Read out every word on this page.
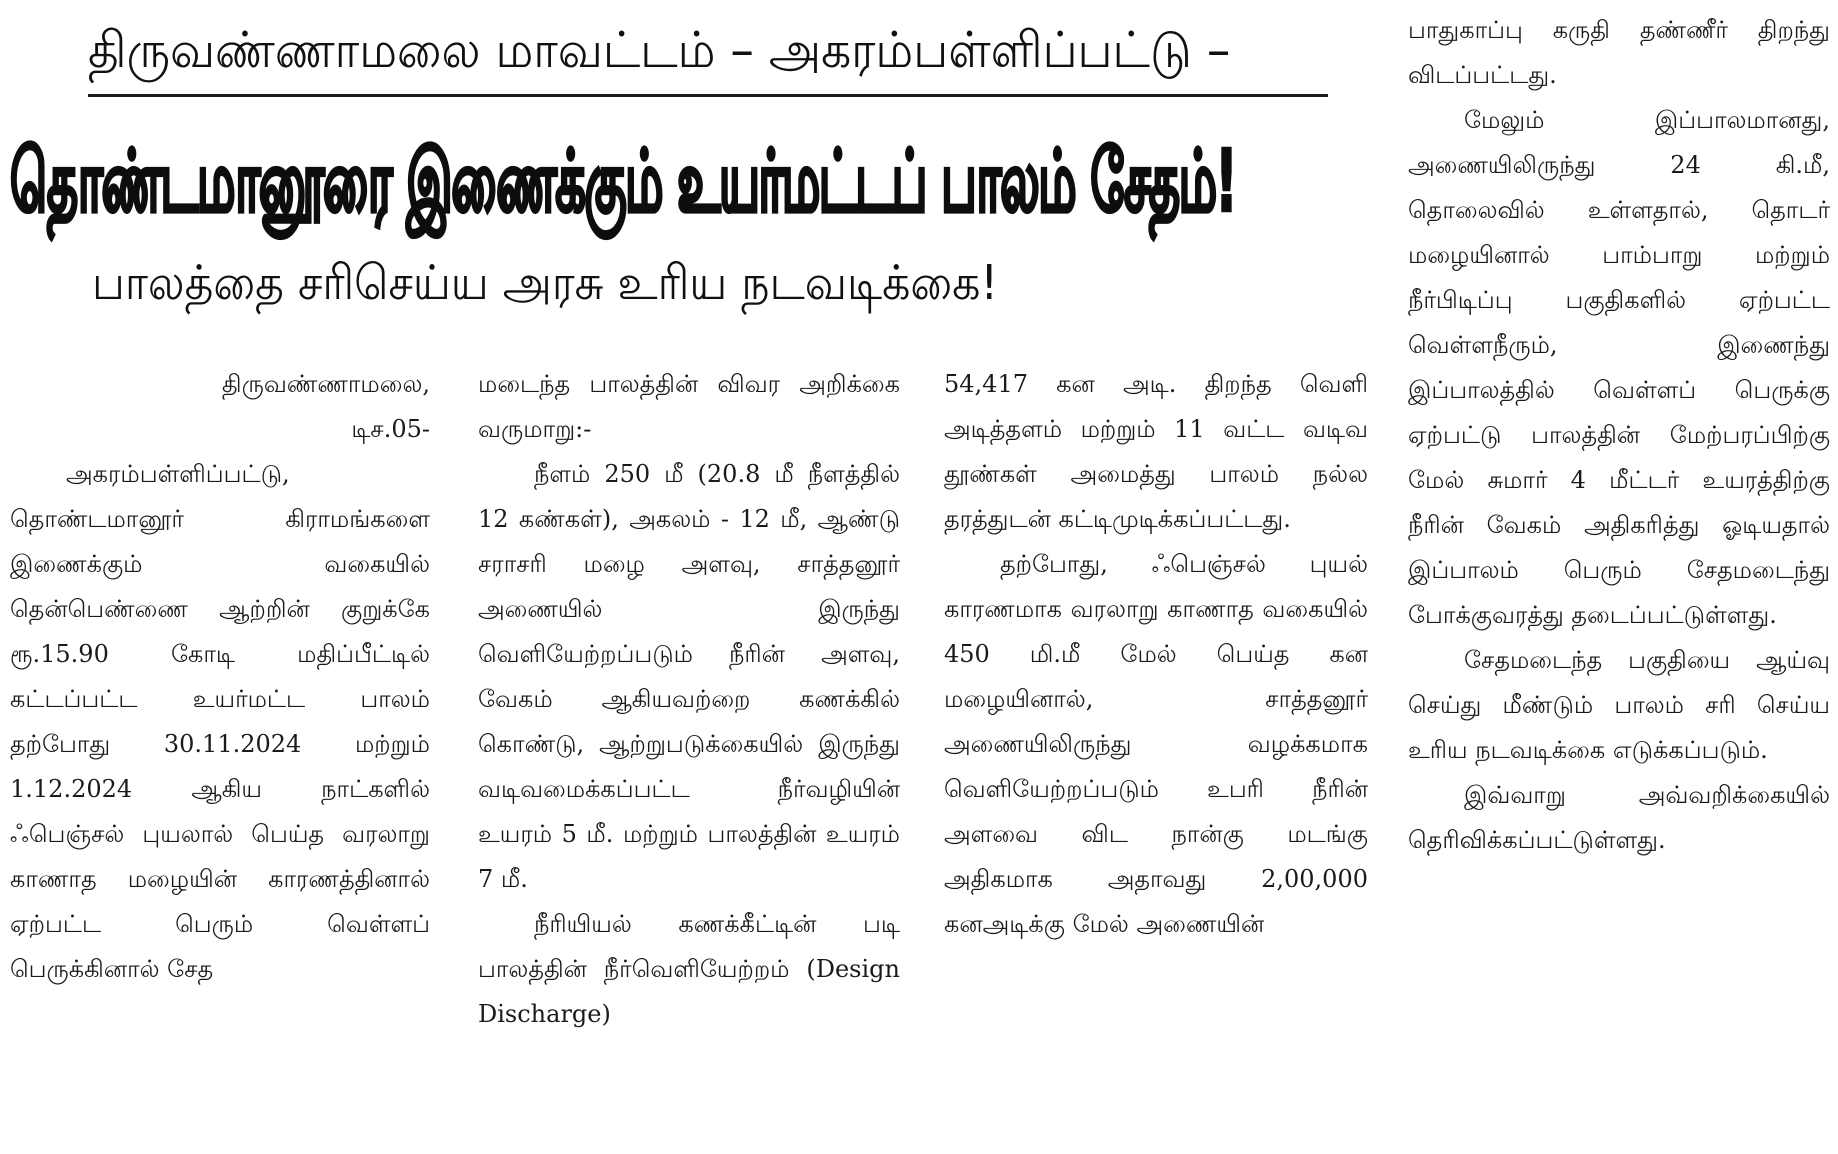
திருவண்ணாமலை மாவட்டம் – அகரம்பள்ளிப்பட்டு –
தொண்டமானூரை இணைக்கும் உயர்மட்டப் பாலம் சேதம்!
பாலத்தை சரிசெய்ய அரசு உரிய நடவடிக்கை!

திருவண்ணாமலை,

டிச.05-

அகரம்பள்ளிப்பட்டு, தொண்டமானூர் கிராமங்களை இணைக்கும் வகையில் தென்பெண்ணை ஆற்றின் குறுக்கே ரூ.15.90 கோடி மதிப்பீட்டில் கட்டப்பட்ட உயர்மட்ட பாலம் தற்போது 30.11.2024 மற்றும் 1.12.2024 ஆகிய நாட்களில் ஃபெஞ்சல் புயலால் பெய்த வரலாறு காணாத மழையின் காரணத்தினால் ஏற்பட்ட பெரும் வெள்ளப் பெருக்கினால் சேத

மடைந்த பாலத்தின் விவர அறிக்கை வருமாறு:-

நீளம் 250 மீ (20.8 மீ நீளத்தில் 12 கண்கள்), அகலம் - 12 மீ, ஆண்டு சராசரி மழை அளவு, சாத்தனூர் அணையில் இருந்து வெளியேற்றப்படும் நீரின் அளவு, வேகம் ஆகியவற்றை கணக்கில் கொண்டு, ஆற்றுபடுக்கையில் இருந்து வடிவமைக்கப்பட்ட நீர்வழியின் உயரம் 5 மீ. மற்றும் பாலத்தின் உயரம் 7 மீ.

நீரியியல் கணக்கீட்டின் படி பாலத்தின் நீர்வெளியேற்றம் (Design Discharge)

54,417 கன அடி. திறந்த வெளி அடித்தளம் மற்றும் 11 வட்ட வடிவ தூண்கள் அமைத்து பாலம் நல்ல தரத்துடன் கட்டிமுடிக்கப்பட்டது.

தற்போது, ஃபெஞ்சல் புயல் காரணமாக வரலாறு காணாத வகையில் 450 மி.மீ மேல் பெய்த கன மழையினால், சாத்தனூர் அணையிலிருந்து வழக்கமாக வெளியேற்றப்படும் உபரி நீரின் அளவை விட நான்கு மடங்கு அதிகமாக அதாவது 2,00,000 கனஅடிக்கு மேல் அணையின்

பாதுகாப்பு கருதி தண்ணீர் திறந்து விடப்பட்டது.

மேலும் இப்பாலமானது, அணையிலிருந்து 24 கி.மீ, தொலைவில் உள்ளதால், தொடர் மழையினால் பாம்பாறு மற்றும் நீர்பிடிப்பு பகுதிகளில் ஏற்பட்ட வெள்ளநீரும், இணைந்து இப்பாலத்தில் வெள்ளப் பெருக்கு ஏற்பட்டு பாலத்தின் மேற்பரப்பிற்கு மேல் சுமார் 4 மீட்டர் உயரத்திற்கு நீரின் வேகம் அதிகரித்து ஓடியதால் இப்பாலம் பெரும் சேதமடைந்து போக்குவரத்து தடைப்பட்டுள்ளது.

சேதமடைந்த பகுதியை ஆய்வு செய்து மீண்டும் பாலம் சரி செய்ய உரிய நடவடிக்கை எடுக்கப்படும்.

இவ்வாறு அவ்வறிக்கையில் தெரிவிக்கப்பட்டுள்ளது.
